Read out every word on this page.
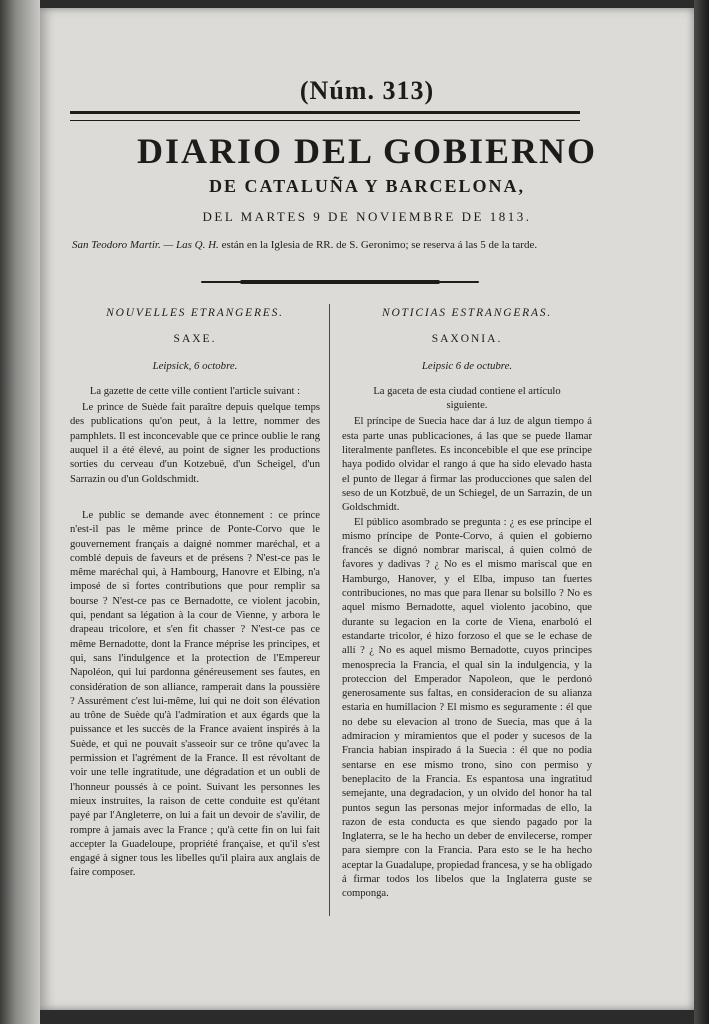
(Núm. 313)
DIARIO DEL GOBIERNO
DE CATALUÑA Y BARCELONA,
DEL MARTES 9 DE NOVIEMBRE DE 1813.
San Teodoro Martir. — Las Q. H. están en la Iglesia de RR. de S. Geronimo; se reserva á las 5 de la tarde.
NOUVELLES ETRANGERES.
SAXE.
Leipsick, 6 octobre.
La gazette de cette ville contient l'article suivant :

Le prince de Suède fait paraître depuis quelque temps des publications qu'on peut, à la lettre, nommer des pamphlets. Il est inconcevable que ce prince oublie le rang auquel il a été élevé, au point de signer les productions sorties du cerveau d'un Kotzebuë, d'un Scheigel, d'un Sarrazin ou d'un Goldschmidt.

Le public se demande avec étonnement : ce prince n'est-il pas le même prince de Ponte-Corvo que le gouvernement français a daigné nommer maréchal, et a comblé depuis de faveurs et de présens ? N'est-ce pas le même maréchal qui, à Hambourg, Hanovre et Elbing, n'a imposé de si fortes contributions que pour remplir sa bourse ? N'est-ce pas ce Bernadotte, ce violent jacobin, qui, pendant sa légation à la cour de Vienne, y arbora le drapeau tricolore, et s'en fit chasser ? N'est-ce pas ce même Bernadotte, dont la France méprise les principes, et qui, sans l'indulgence et la protection de l'Empereur Napoléon, qui lui pardonna généreusement ses fautes, en considération de son alliance, ramperait dans la poussière ? Assurément c'est lui-même, lui qui ne doit son élévation au trône de Suède qu'à l'admiration et aux égards que la puissance et les succès de la France avaient inspirés à la Suède, et qui ne pouvait s'asseoir sur ce trône qu'avec la permission et l'agrément de la France. Il est révoltant de voir une telle ingratitude, une dégradation et un oubli de l'honneur poussés à ce point. Suivant les personnes les mieux instruites, la raison de cette conduite est qu'étant payé par l'Angleterre, on lui a fait un devoir de s'avilir, de rompre à jamais avec la France ; qu'à cette fin on lui fait accepter la Guadeloupe, propriété française, et qu'il s'est engagé à signer tous les libelles qu'il plaira aux anglais de faire composer.

NOTICIAS ESTRANGERAS.
SAXONIA.
Leipsic 6 de octubre.
La gaceta de esta ciudad contiene el artículo siguiente.

El príncipe de Suecia hace dar á luz de algun tiempo á esta parte unas publicaciones, á las que se puede llamar literalmente panfletes. Es inconcebible el que ese príncipe haya podido olvidar el rango á que ha sido elevado hasta el punto de llegar á firmar las producciones que salen del seso de un Kotzbuë, de un Schiegel, de un Sarrazin, de un Goldschmidt.

El público asombrado se pregunta : ¿ es ese príncipe el mismo príncipe de Ponte-Corvo, á quien el gobierno francés se dignó nombrar mariscal, á quien colmó de favores y dadivas ? ¿ No es el mismo mariscal que en Hamburgo, Hanover, y el Elba, impuso tan fuertes contribuciones, no mas que para llenar su bolsillo ? No es aquel mismo Bernadotte, aquel violento jacobino, que durante su legacion en la corte de Viena, enarboló el estandarte tricolor, é hizo forzoso el que se le echase de allí ? ¿ No es aquel mismo Bernadotte, cuyos principes menosprecia la Francia, el qual sin la indulgencia, y la proteccion del Emperador Napoleon, que le perdonó generosamente sus faltas, en consideracion de su alianza estaria en humillacion ? El mismo es seguramente : él que no debe su elevacion al trono de Suecia, mas que á la admiracion y miramientos que el poder y sucesos de la Francia habian inspirado á la Suecia : él que no podia sentarse en ese mismo trono, sino con permiso y beneplacito de la Francia. Es espantosa una ingratitud semejante, una degradacion, y un olvido del honor ha tal puntos segun las personas mejor informadas de ello, la razon de esta conducta es que siendo pagado por la Inglaterra, se le ha hecho un deber de envilecerse, romper para siempre con la Francia. Para esto se le ha hecho aceptar la Guadalupe, propiedad francesa, y se ha obligado á firmar todos los libelos que la Inglaterra guste se componga.
